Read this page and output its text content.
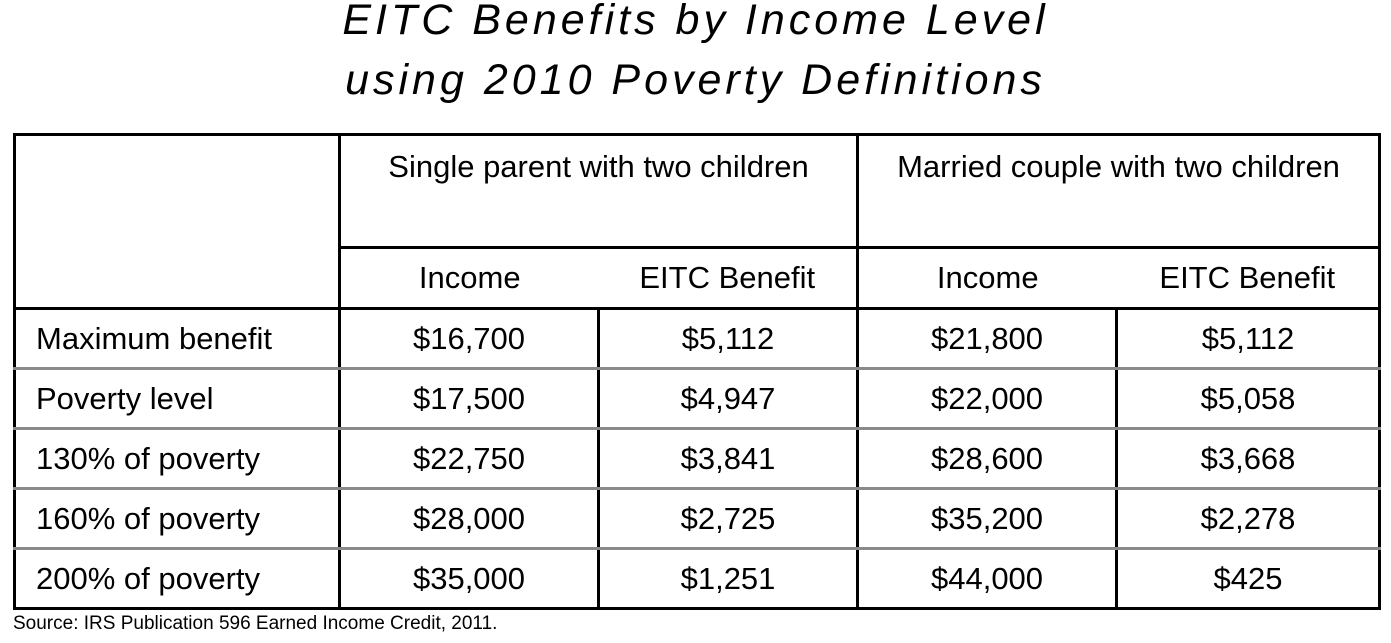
EITC Benefits by Income Level
using 2010 Poverty Definitions
	Single parent with two children		Married couple with two children	
	Income	EITC Benefit	Income	EITC Benefit
Maximum benefit	$16,700	$5,112	$21,800	$5,112
Poverty level	$17,500	$4,947	$22,000	$5,058
130% of poverty	$22,750	$3,841	$28,600	$3,668
160% of poverty	$28,000	$2,725	$35,200	$2,278
200% of poverty	$35,000	$1,251	$44,000	$425
Source: IRS Publication 596 Earned Income Credit, 2011.
